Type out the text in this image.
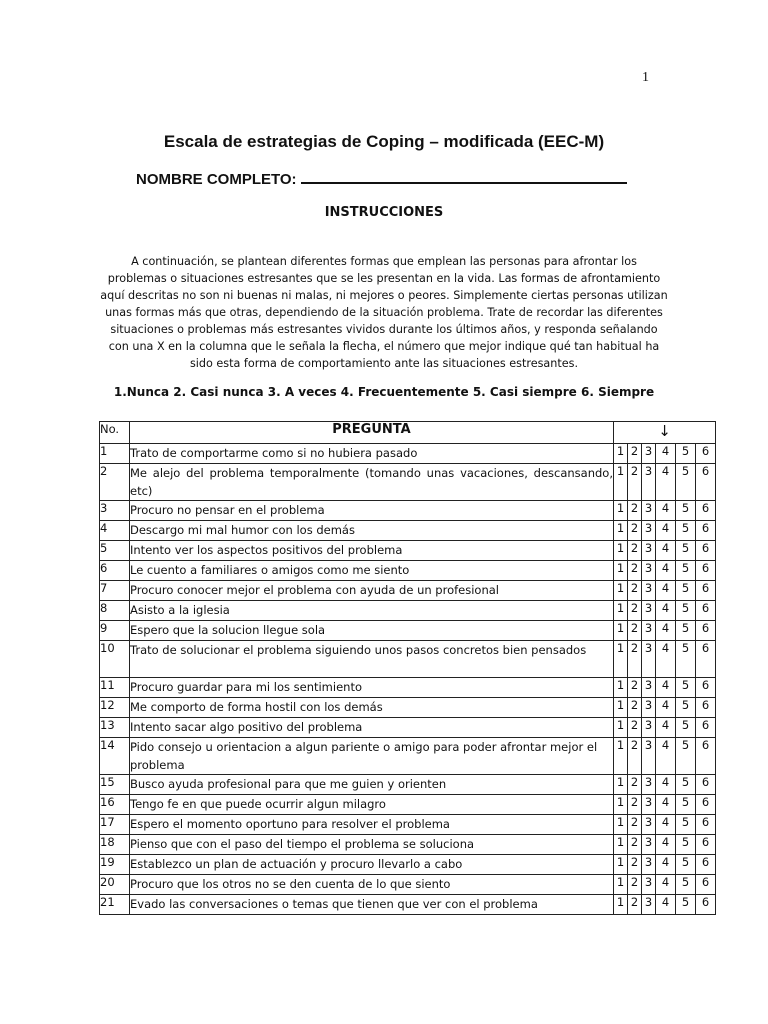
1
Escala de estrategias de Coping – modificada (EEC-M)
NOMBRE COMPLETO:
INSTRUCCIONES
A continuación, se plantean diferentes formas que emplean las personas para afrontar los problemas o situaciones estresantes que se les presentan en la vida. Las formas de afrontamiento aquí descritas no son ni buenas ni malas, ni mejores o peores. Simplemente ciertas personas utilizan unas formas más que otras, dependiendo de la situación problema. Trate de recordar las diferentes situaciones o problemas más estresantes vividos durante los últimos años, y responda señalando con una X en la columna que le señala la flecha, el número que mejor indique qué tan habitual ha sido esta forma de comportamiento ante las situaciones estresantes.
1.Nunca 2. Casi nunca 3. A veces 4. Frecuentemente 5. Casi siempre 6. Siempre
No.	PREGUNTA	↓					
1	Trato de comportarme como si no hubiera pasado	1	2	3	4	5	6
2	Me alejo del problema temporalmente (tomando unas vacaciones, descansando, etc)	1	2	3	4	5	6
3	Procuro no pensar en el problema	1	2	3	4	5	6
4	Descargo mi mal humor con los demás	1	2	3	4	5	6
5	Intento ver los aspectos positivos del problema	1	2	3	4	5	6
6	Le cuento a familiares o amigos como me siento	1	2	3	4	5	6
7	Procuro conocer mejor el problema con ayuda de un profesional	1	2	3	4	5	6
8	Asisto a la iglesia	1	2	3	4	5	6
9	Espero que la solucion llegue sola	1	2	3	4	5	6
10	Trato de solucionar el problema siguiendo unos pasos concretos bien pensados	1	2	3	4	5	6
11	Procuro guardar para mi los sentimiento	1	2	3	4	5	6
12	Me comporto de forma hostil con los demás	1	2	3	4	5	6
13	Intento sacar algo positivo del problema	1	2	3	4	5	6
14	Pido consejo u orientacion a algun pariente o amigo para poder afrontar mejor el problema	1	2	3	4	5	6
15	Busco ayuda profesional para que me guien y orienten	1	2	3	4	5	6
16	Tengo fe en que puede ocurrir algun milagro	1	2	3	4	5	6
17	Espero el momento oportuno para resolver el problema	1	2	3	4	5	6
18	Pienso que con el paso del tiempo el problema se soluciona	1	2	3	4	5	6
19	Establezco un plan de actuación y procuro llevarlo a cabo	1	2	3	4	5	6
20	Procuro que los otros no se den cuenta de lo que siento	1	2	3	4	5	6
21	Evado las conversaciones o temas que tienen que ver con el problema	1	2	3	4	5	6
